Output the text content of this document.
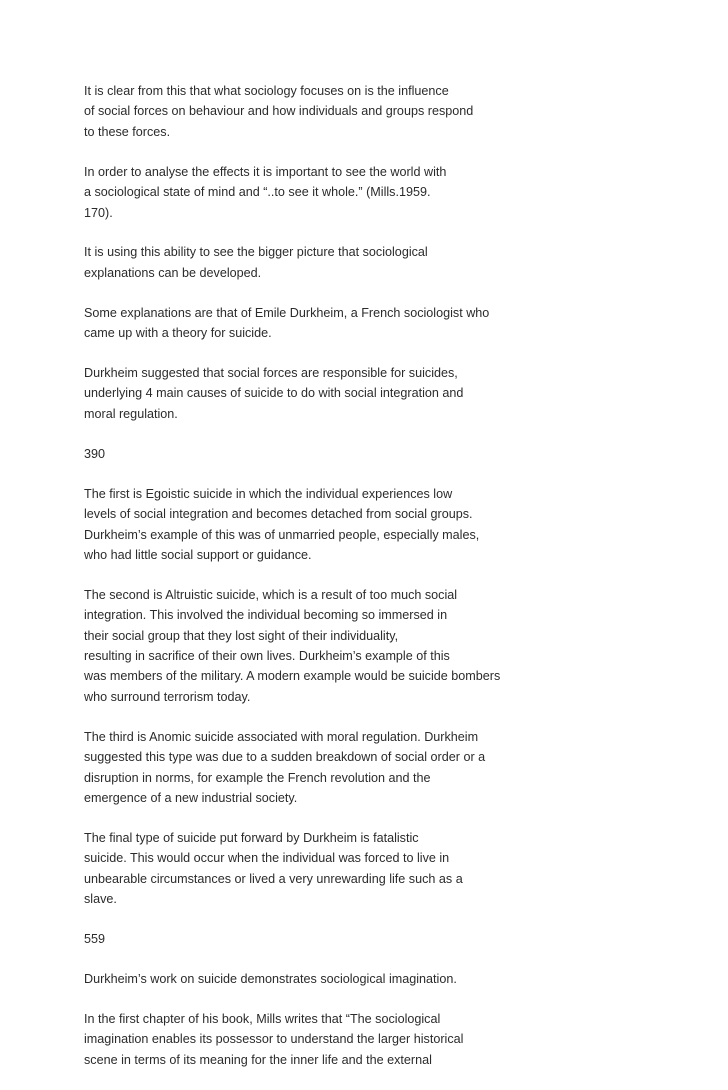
It is clear from this that what sociology focuses on is the influence
of social forces on behaviour and how individuals and groups respond
to these forces.

In order to analyse the effects it is important to see the world with
a sociological state of mind and “..to see it whole.” (Mills.1959.
170).

It is using this ability to see the bigger picture that sociological
explanations can be developed.

Some explanations are that of Emile Durkheim, a French sociologist who
came up with a theory for suicide.

Durkheim suggested that social forces are responsible for suicides,
underlying 4 main causes of suicide to do with social integration and
moral regulation.

390

The first is Egoistic suicide in which the individual experiences low
levels of social integration and becomes detached from social groups.
Durkheim’s example of this was of unmarried people, especially males,
who had little social support or guidance.

The second is Altruistic suicide, which is a result of too much social
integration. This involved the individual becoming so immersed in
their social group that they lost sight of their individuality,
resulting in sacrifice of their own lives. Durkheim’s example of this
was members of the military. A modern example would be suicide bombers
who surround terrorism today.

The third is Anomic suicide associated with moral regulation. Durkheim
suggested this type was due to a sudden breakdown of social order or a
disruption in norms, for example the French revolution and the
emergence of a new industrial society.

The final type of suicide put forward by Durkheim is fatalistic
suicide. This would occur when the individual was forced to live in
unbearable circumstances or lived a very unrewarding life such as a
slave.

559

Durkheim’s work on suicide demonstrates sociological imagination.

In the first chapter of his book, Mills writes that “The sociological
imagination enables its possessor to understand the larger historical
scene in terms of its meaning for the inner life and the external
